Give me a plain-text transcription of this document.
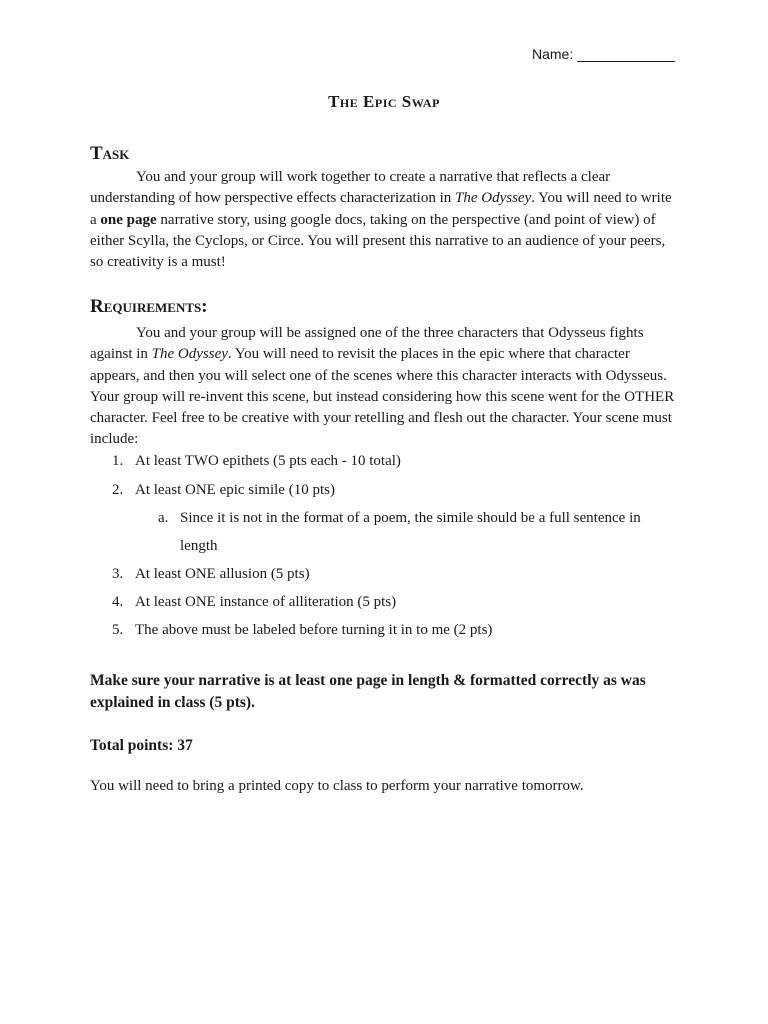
Name:
The Epic Swap
Task
You and your group will work together to create a narrative that reflects a clear understanding of how perspective effects characterization in The Odyssey. You will need to write a one page narrative story, using google docs, taking on the perspective (and point of view) of either Scylla, the Cyclops, or Circe. You will present this narrative to an audience of your peers, so creativity is a must!
Requirements:
You and your group will be assigned one of the three characters that Odysseus fights against in The Odyssey. You will need to revisit the places in the epic where that character appears, and then you will select one of the scenes where this character interacts with Odysseus. Your group will re-invent this scene, but instead considering how this scene went for the OTHER character. Feel free to be creative with your retelling and flesh out the character. Your scene must include:
1. At least TWO epithets (5 pts each - 10 total)
2. At least ONE epic simile (10 pts)
a. Since it is not in the format of a poem, the simile should be a full sentence in length
3. At least ONE allusion (5 pts)
4. At least ONE instance of alliteration (5 pts)
5. The above must be labeled before turning it in to me (2 pts)
Make sure your narrative is at least one page in length & formatted correctly as was explained in class (5 pts).
Total points: 37
You will need to bring a printed copy to class to perform your narrative tomorrow.
